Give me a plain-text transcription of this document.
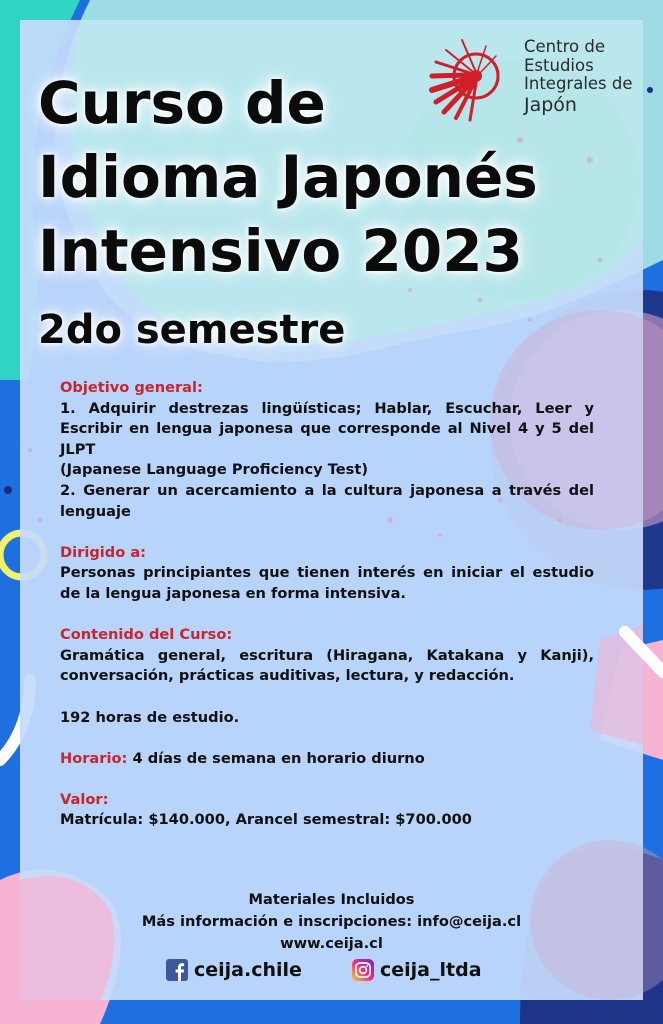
Centro de
Estudios
Integrales de
Japón
Curso de
Idioma Japonés
Intensivo 2023
2do semestre

Objetivo general:

1. Adquirir destrezas lingüísticas; Hablar, Escuchar, Leer y Escribir en lengua japonesa que corresponde al Nivel 4 y 5 del JLPT

(Japanese Language Proficiency Test)

2. Generar un acercamiento a la cultura japonesa a través del lenguaje

Dirigido a:

Personas principiantes que tienen interés en iniciar el estudio de la lengua japonesa en forma intensiva.

Contenido del Curso:

Gramática general, escritura (Hiragana, Katakana y Kanji), conversación, prácticas auditivas, lectura, y redacción.

192 horas de estudio.

Horario: 4 días de semana en horario diurno

Valor:

Matrícula: $140.000, Arancel semestral: $700.000

Materiales Incluidos
Más información e inscripciones: info@ceija.cl
www.ceija.cl
ceija.chile	ceija_ltda
